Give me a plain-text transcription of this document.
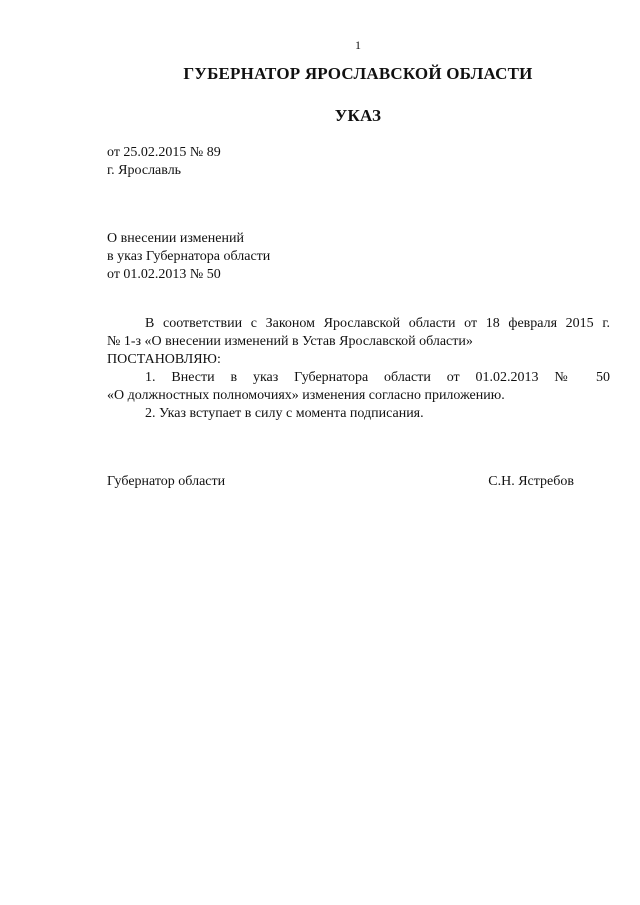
1
ГУБЕРНАТОР ЯРОСЛАВСКОЙ ОБЛАСТИ
УКАЗ
от 25.02.2015 № 89
г. Ярославль
О внесении изменений
в указ Губернатора области
от 01.02.2013 № 50

В соответствии с Законом Ярославской области от 18 февраля 2015 г.

№ 1-з «О внесении изменений в Устав Ярославской области»

ПОСТАНОВЛЯЮ:

1. Внести в указ Губернатора области от 01.02.2013 № 50

«О должностных полномочиях» изменения согласно приложению.

2. Указ вступает в силу с момента подписания.

Губернатор области	С.Н. Ястребов
